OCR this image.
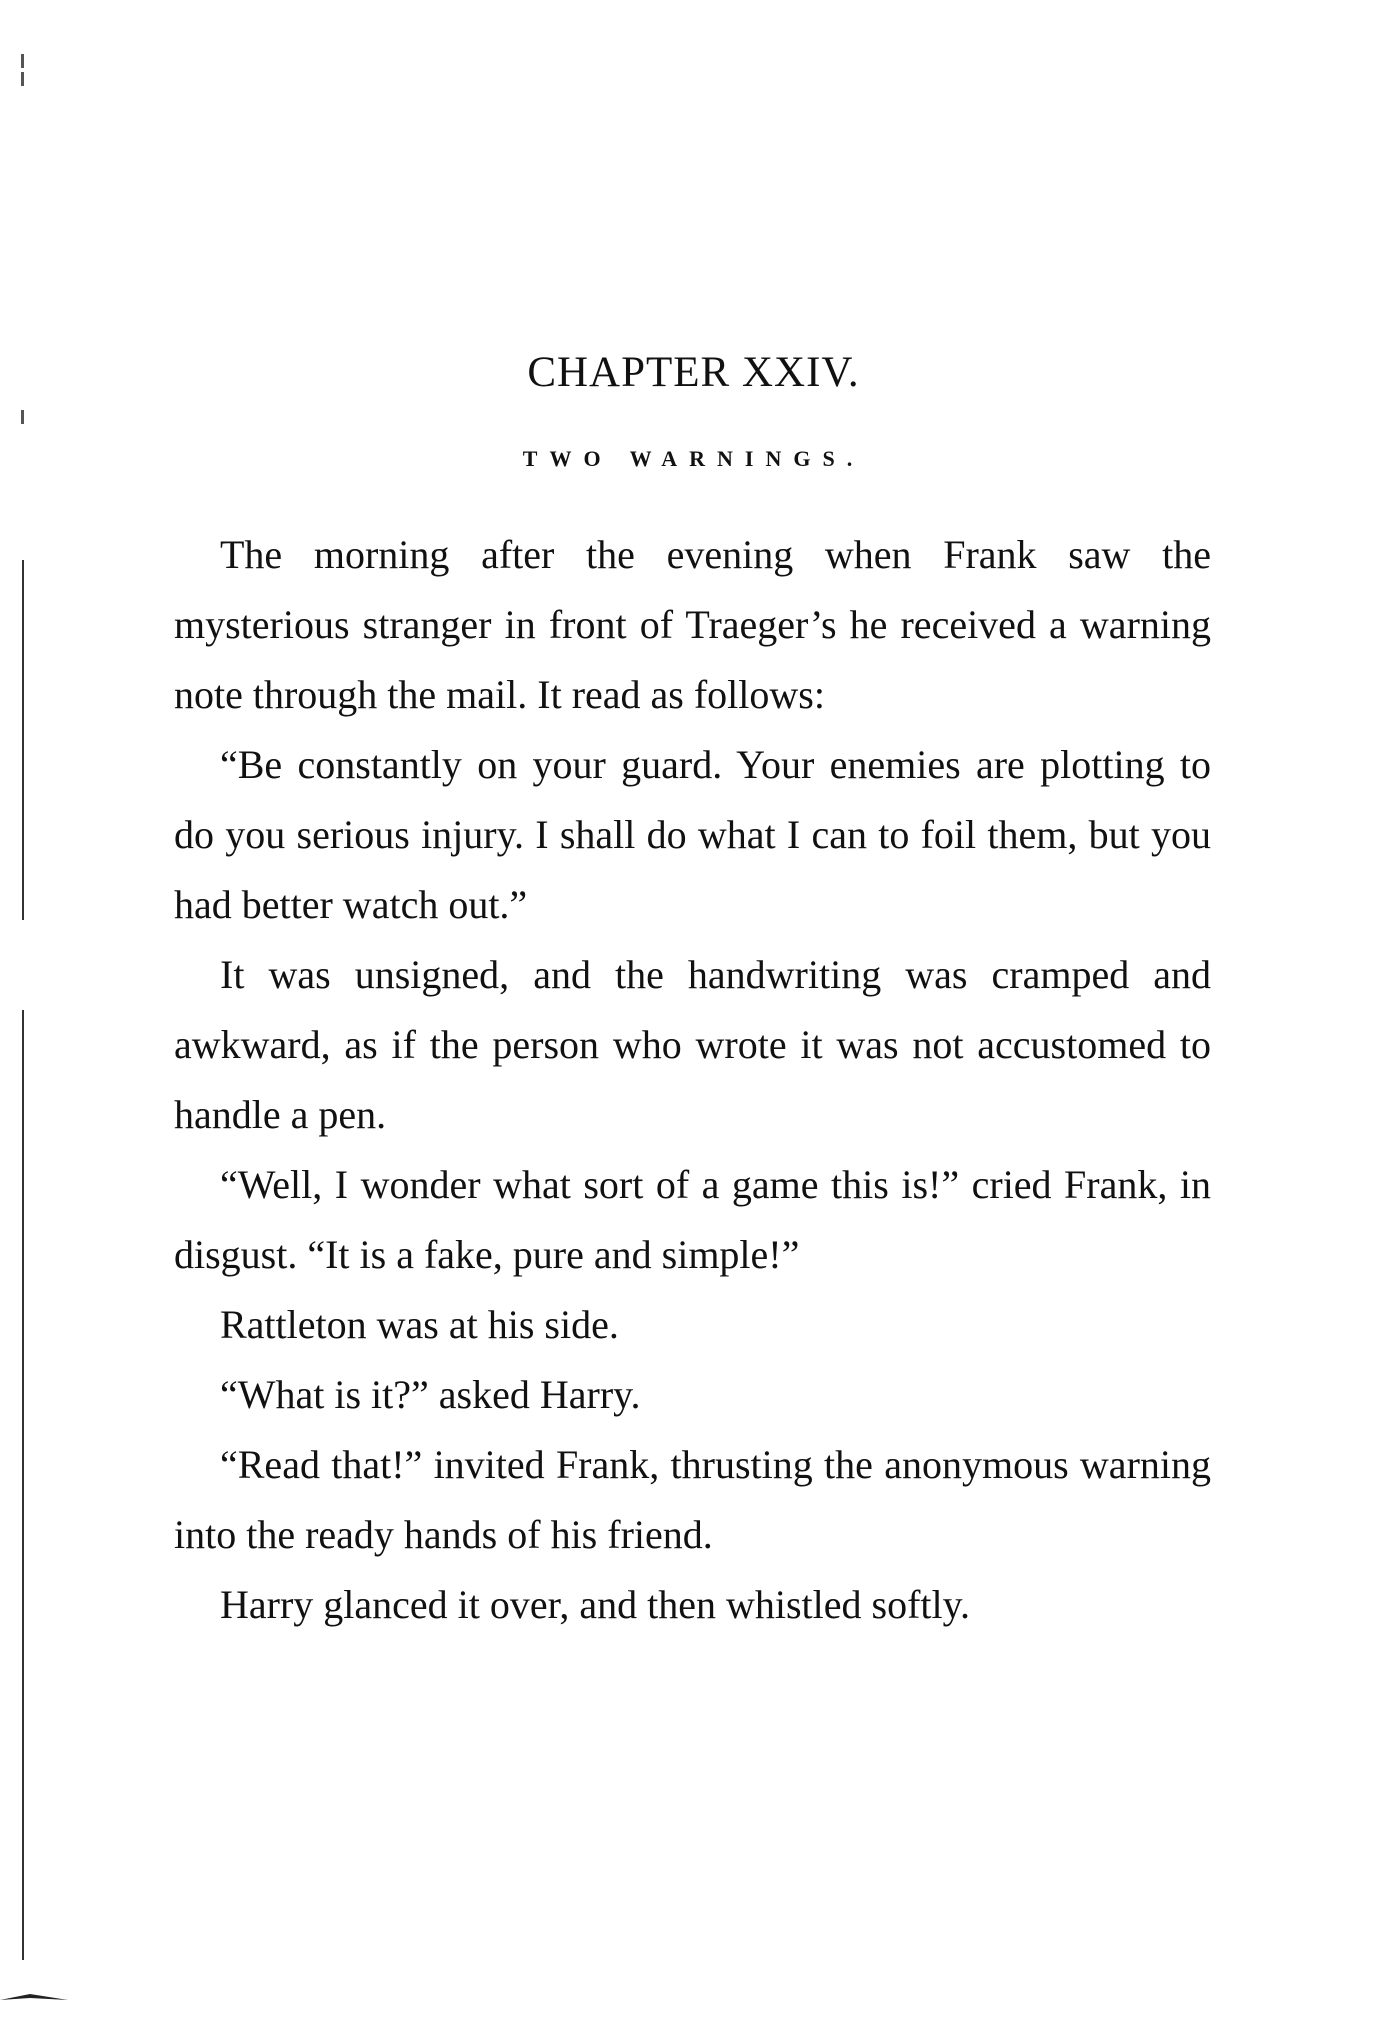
CHAPTER XXIV.
TWO WARNINGS.

The morning after the evening when Frank saw the mysterious stranger in front of Traeger’s he received a warning note through the mail. It read as follows:

“Be constantly on your guard. Your enemies are plotting to do you serious injury. I shall do what I can to foil them, but you had better watch out.”

It was unsigned, and the handwriting was cramped and awkward, as if the person who wrote it was not accustomed to handle a pen.

“Well, I wonder what sort of a game this is!” cried Frank, in disgust. “It is a fake, pure and simple!”

Rattleton was at his side.

“What is it?” asked Harry.

“Read that!” invited Frank, thrusting the anonymous warning into the ready hands of his friend.

Harry glanced it over, and then whistled softly.
